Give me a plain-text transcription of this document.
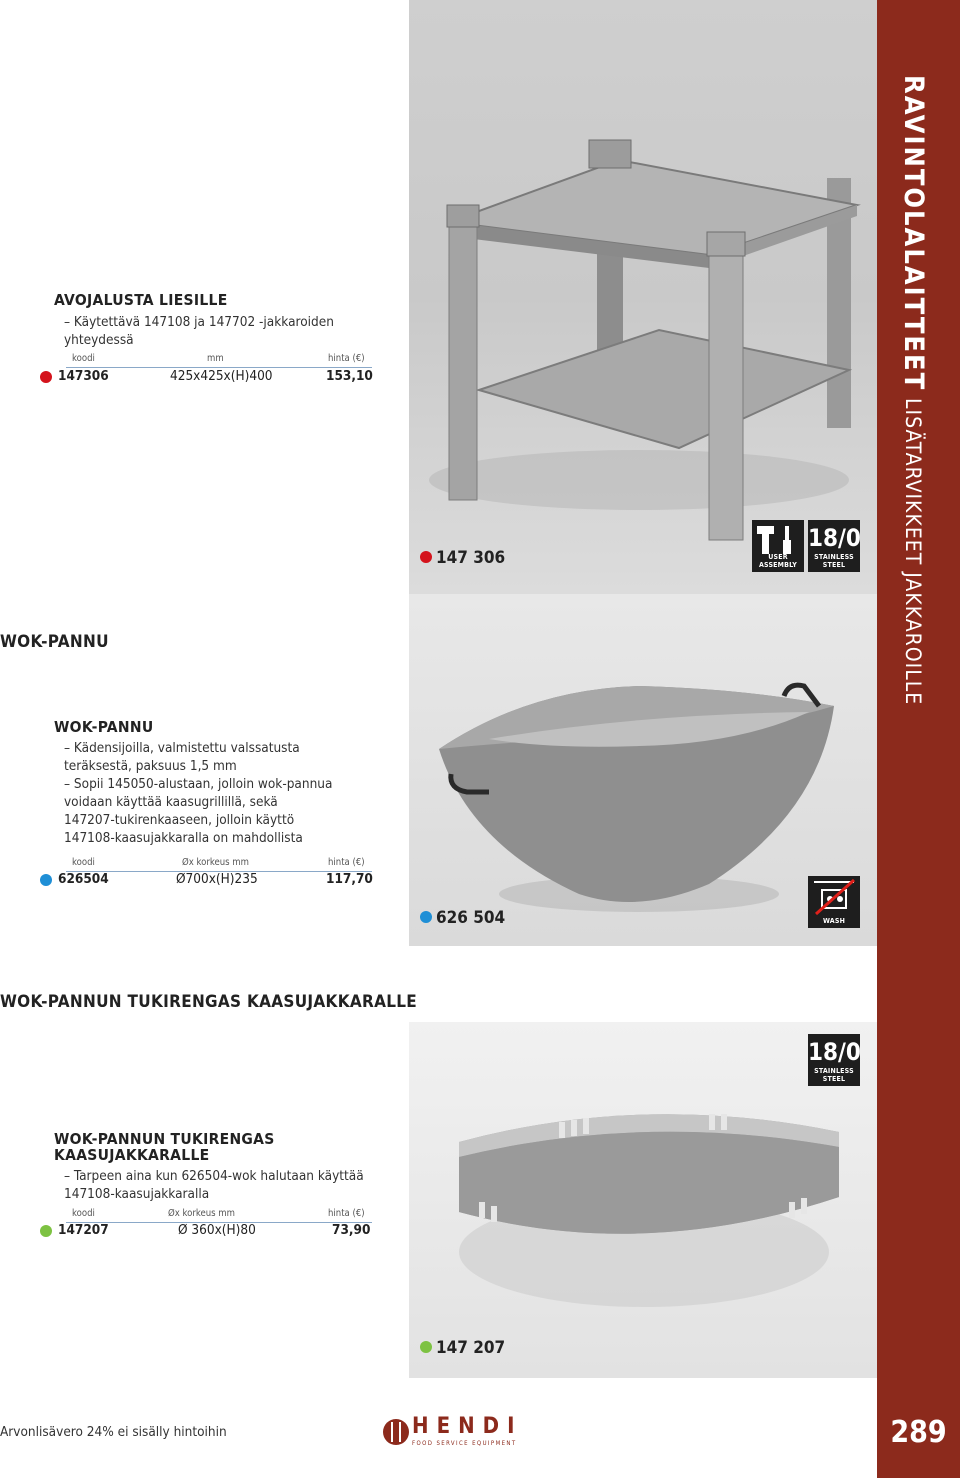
RAVINTOLALAITTEET
LISÄTARVIKKEET JAKKAROILLE
289
147 306	USER ASSEMBLY
18/0
STAINLESS STEEL
626 504	WASH
147 207
18/0
STAINLESS STEEL
AVOJALUSTA LIESILLE
– Käytettävä 147108 ja 147702 -jakkaroiden
yhteydessä
koodi	mm	hinta (€)
147306	425x425x(H)400	153,10
WOK-PANNU
WOK-PANNU
– Kädensijoilla, valmistettu valssatusta
teräksestä, paksuus 1,5 mm
– Sopii 145050-alustaan, jolloin wok-pannua
voidaan käyttää kaasugrillillä, sekä
147207-tukirenkaaseen, jolloin käyttö
147108-kaasujakkaralla on mahdollista
koodi	Øx korkeus mm	hinta (€)
626504	Ø700x(H)235	117,70
WOK-PANNUN TUKIRENGAS KAASUJAKKARALLE
WOK-PANNUN TUKIRENGAS
KAASUJAKKARALLE
– Tarpeen aina kun 626504-wok halutaan käyttää
147108-kaasujakkaralla
koodi	Øx korkeus mm	hinta (€)
147207	Ø 360x(H)80	73,90
Arvonlisävero 24% ei sisälly hintoihin	HENDI
FOOD SERVICE EQUIPMENT
